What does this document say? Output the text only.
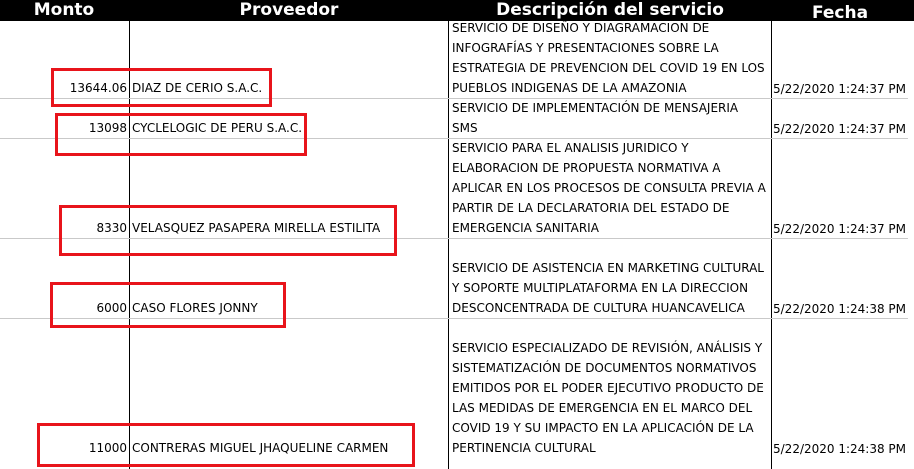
Monto	Proveedor	Descripción del servicio	Fecha
13644.06 DIAZ DE CERIO S.A.C.
SERVICIO DE DISEÑO Y DIAGRAMACION DE
INFOGRAFÍAS Y PRESENTACIONES SOBRE LA
ESTRATEGIA DE PREVENCION DEL COVID 19 EN LOS
PUEBLOS INDIGENAS DE LA AMAZONIA	5/22/2020 1:24:37 PM
13098 CYCLELOGIC DE PERU S.A.C.
SERVICIO DE IMPLEMENTACIÓN DE MENSAJERIA
SMS	5/22/2020 1:24:37 PM
8330 VELASQUEZ PASAPERA MIRELLA ESTILITA
SERVICIO PARA EL ANALISIS JURIDICO Y
ELABORACION DE PROPUESTA NORMATIVA A
APLICAR EN LOS PROCESOS DE CONSULTA PREVIA A
PARTIR DE LA DECLARATORIA DEL ESTADO DE
EMERGENCIA SANITARIA	5/22/2020 1:24:37 PM
6000 CASO FLORES JONNY
SERVICIO DE ASISTENCIA EN MARKETING CULTURAL
Y SOPORTE MULTIPLATAFORMA EN LA DIRECCION
DESCONCENTRADA DE CULTURA HUANCAVELICA	5/22/2020 1:24:38 PM
11000 CONTRERAS MIGUEL JHAQUELINE CARMEN
SERVICIO ESPECIALIZADO DE REVISIÓN, ANÁLISIS Y
SISTEMATIZACIÓN DE DOCUMENTOS NORMATIVOS
EMITIDOS POR EL PODER EJECUTIVO PRODUCTO DE
LAS MEDIDAS DE EMERGENCIA EN EL MARCO DEL
COVID 19 Y SU IMPACTO EN LA APLICACIÓN DE LA
PERTINENCIA CULTURAL	5/22/2020 1:24:38 PM
